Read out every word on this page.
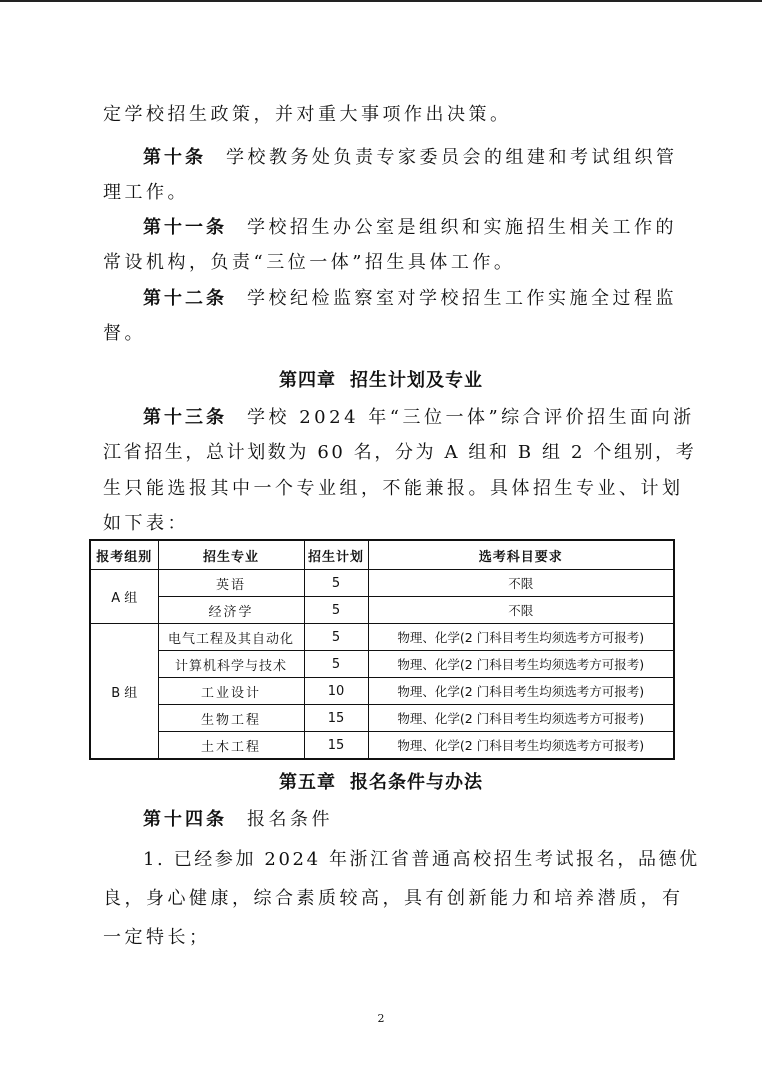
定学校招生政策，并对重大事项作出决策。

第十条 学校教务处负责专家委员会的组建和考试组织管

理工作。

第十一条 学校招生办公室是组织和实施招生相关工作的

常设机构，负责“三位一体”招生具体工作。

第十二条 学校纪检监察室对学校招生工作实施全过程监

督。

第四章 招生计划及专业

第十三条 学校 2024 年“三位一体”综合评价招生面向浙

江省招生，总计划数为 60 名，分为 A 组和 B 组 2 个组别，考

生只能选报其中一个专业组，不能兼报。具体招生专业、计划

如下表：

报考组别	招生专业	招生计划	选考科目要求
A 组	英语	5	不限
	经济学	5	不限
B 组	电气工程及其自动化	5	物理、化学(2 门科目考生均须选考方可报考)
	计算机科学与技术	5	物理、化学(2 门科目考生均须选考方可报考)
	工业设计	10	物理、化学(2 门科目考生均须选考方可报考)
	生物工程	15	物理、化学(2 门科目考生均须选考方可报考)
	土木工程	15	物理、化学(2 门科目考生均须选考方可报考)

第五章 报名条件与办法

第十四条 报名条件

1. 已经参加 2024 年浙江省普通高校招生考试报名，品德优

良，身心健康，综合素质较高，具有创新能力和培养潜质，有

一定特长；

2
